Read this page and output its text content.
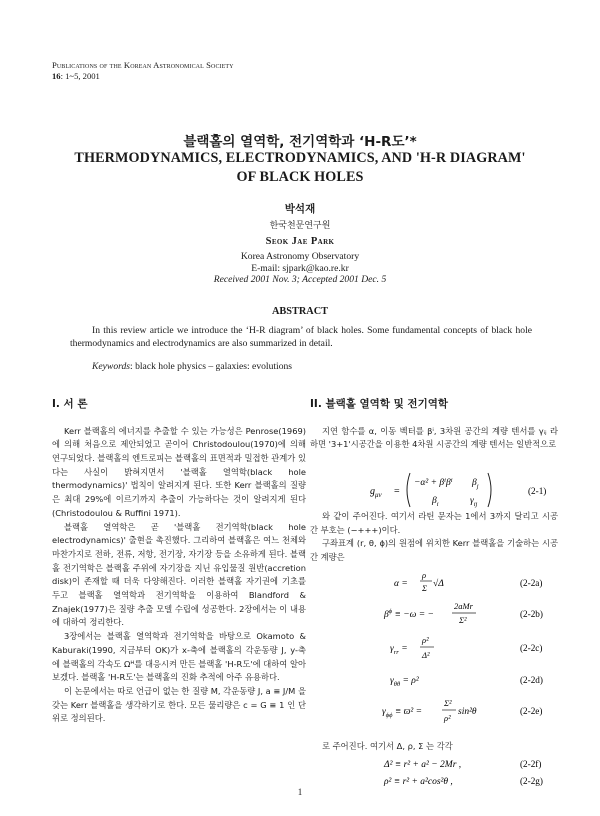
Publications of the Korean Astronomical Society
16: 1~5, 2001
블랙홀의 열역학, 전기역학과 ‘H-R도’*
THERMODYNAMICS, ELECTRODYNAMICS, AND 'H-R DIAGRAM'
OF BLACK HOLES
박석재
한국천문연구원
Seok Jae Park
Korea Astronomy Observatory
E-mail: sjpark@kao.re.kr
Received 2001 Nov. 3; Accepted 2001 Dec. 5
ABSTRACT
In this review article we introduce the ‘H-R diagram’ of black holes. Some fundamental concepts of black hole thermodynamics and electrodynamics are also summarized in detail.
Keywords: black hole physics – galaxies: evolutions
I. 서 론

Kerr 블랙홀의 에너지를 추출할 수 있는 가능성은 Penrose(1969)에 의해 처음으로 제안되었고 곧이어 Christodoulou(1970)에 의해 연구되었다. 블랙홀의 엔트로피는 블랙홀의 표면적과 밀접한 관계가 있다는 사실이 밝혀지면서 '블랙홀 열역학(black hole thermodynamics)' 법칙이 알려지게 된다. 또한 Kerr 블랙홀의 질량은 최대 29%에 이르기까지 추출이 가능하다는 것이 알려지게 된다(Christodoulou & Ruffini 1971).

블랙홀 열역학은 곧 '블랙홀 전기역학(black hole electrodynamics)' 출현을 촉진했다. 그리하여 블랙홀은 여느 천체와 마찬가지로 전하, 전류, 저항, 전기장, 자기장 등을 소유하게 된다. 블랙홀 전기역학은 블랙홀 주위에 자기장을 지닌 유입물질 원반(accretion disk)이 존재할 때 더욱 다양해진다. 이러한 블랙홀 자기권에 기초를 두고 블랙홀 열역학과 전기역학을 이용하여 Blandford & Znajek(1977)은 질량 추출 모델 수립에 성공한다. 2장에서는 이 내용에 대하여 정리한다.

3장에서는 블랙홀 열역학과 전기역학을 바탕으로 Okamoto & Kaburaki(1990, 지금부터 OK)가 x-축에 블랙홀의 각운동량 J, y-축에 블랙홀의 각속도 Ωᴴ를 대응시켜 만든 블랙홀 'H-R도'에 대하여 알아보겠다. 블랙홀 'H-R도'는 블랙홀의 진화 추적에 아주 유용하다.

이 논문에서는 따로 언급이 없는 한 질량 M, 각운동량 J, a ≡ J/M 을 갖는 Kerr 블랙홀을 생각하기로 한다. 모든 물리량은 c = G ≡ 1 인 단위로 정의된다.

II. 블랙홀 열역학 및 전기역학

지연 함수를 α, 이동 벡터를 βⁱ, 3차원 공간의 계량 텐서를 γᵢⱼ 라 하면 '3+1'시공간을 이용한 4차원 시공간의 계량 텐서는 일반적으로

$g_{\mu\nu}$ =
$-\alpha^2 + \beta^i\beta^i$ $\beta_j$
$\beta_i$	$\gamma_{ij}$
(2-1)

와 같이 주어진다. 여기서 라틴 문자는 1에서 3까지 달리고 시공간 부호는 (−+++)이다.

구좌표계 (r, θ, ϕ)의 원점에 위치한 Kerr 블랙홀을 기술하는 시공간 계량은

α =
ρ
Σ √Δ
$\beta^\phi \equiv -\omega$ = −
2aMr
Σ²
$\gamma_{rr}$ =
ρ²
Δ²
$\gamma_{\theta\theta} = \rho^2$
$\gamma_{\phi\phi} \equiv ϖ^2$ =
Σ²
ρ²
sin²θ
(2-2a)
(2-2b)
(2-2c)
(2-2d)
(2-2e)

로 주어진다. 여기서 Δ, ρ, Σ 는 각각

Δ² ≡ r² + a² − 2Mr ,
ρ² ≡ r² + a²cos²θ ,
(2-2f)
(2-2g)
1
